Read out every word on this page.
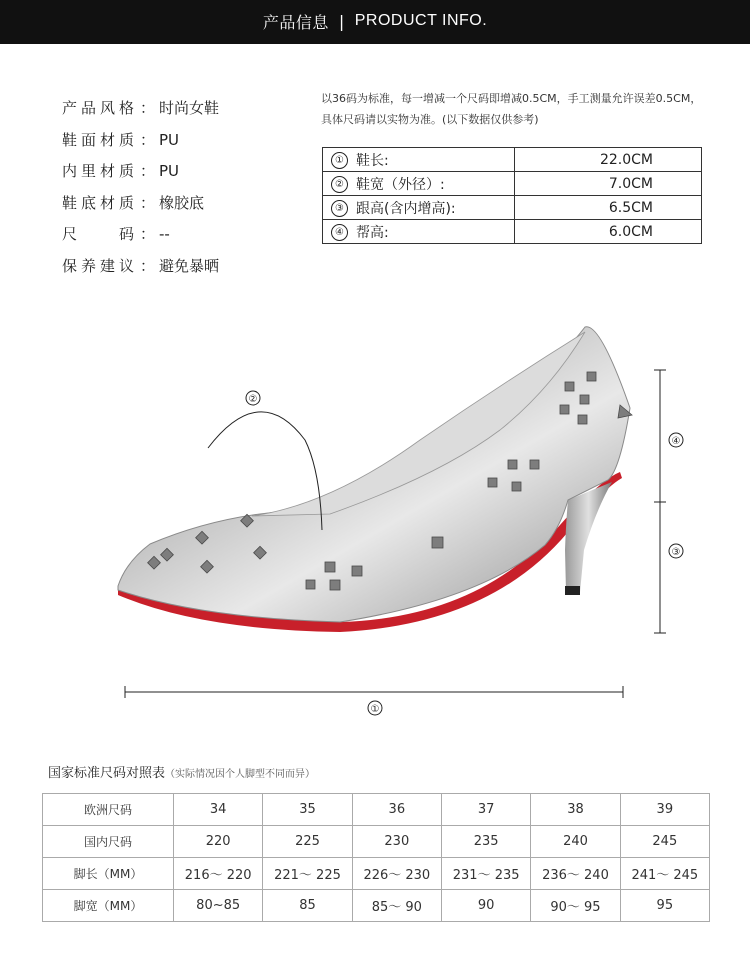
产品信息 | PRODUCT INFO.
产品风格 ： 时尚女鞋
鞋面材质 ： PU
内里材质 ： PU
鞋底材质 ： 橡胶底
尺　　码 ： --
保养建议 ： 避免暴晒
以36码为标准，每一增减一个尺码即增减0.5CM，手工测量允许误差0.5CM，
具体尺码请以实物为准。(以下数据仅供参考)
① 鞋长:	22.0CM
② 鞋宽（外径）:	7.0CM
③ 跟高(含内增高):	6.5CM
④ 帮高:	6.0CM
②
④
③
①
国家标准尺码对照表（实际情况因个人脚型不同而异）
欧洲尺码	34	35	36	37	38	39
国内尺码	220	225	230	235	240	245
脚长（MM）	216～ 220	221～ 225	226～ 230	231～ 235	236～ 240	241～ 245
脚宽（MM）	80~85	85	85～ 90	90	90～ 95	95
